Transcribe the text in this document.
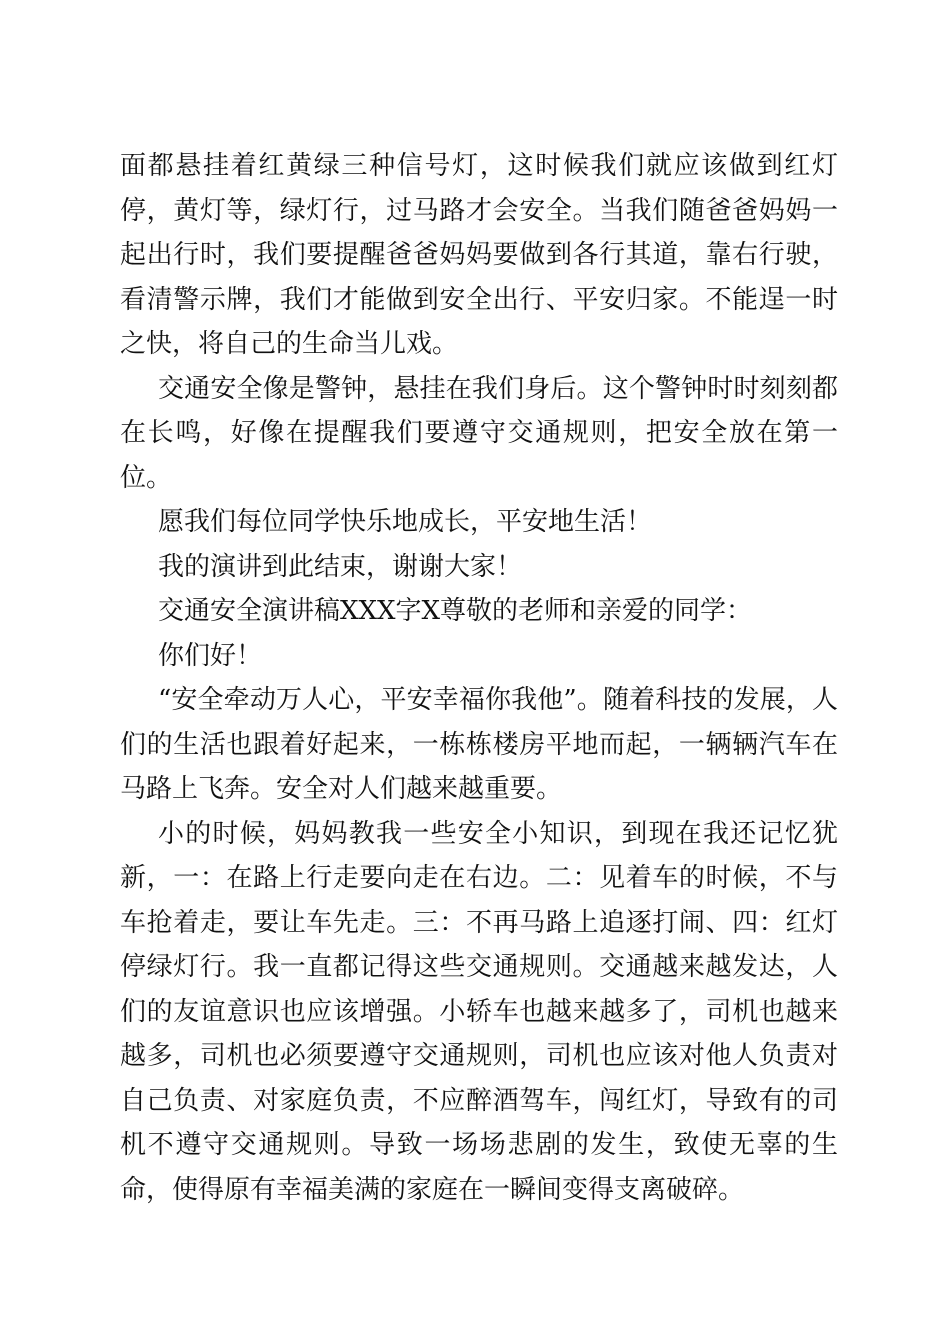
面都悬挂着红黄绿三种信号灯，这时候我们就应该做到红灯停，黄灯等，绿灯行，过马路才会安全。当我们随爸爸妈妈一起出行时，我们要提醒爸爸妈妈要做到各行其道，靠右行驶，看清警示牌，我们才能做到安全出行、平安归家。不能逞一时之快，将自己的生命当儿戏。

交通安全像是警钟，悬挂在我们身后。这个警钟时时刻刻都在长鸣，好像在提醒我们要遵守交通规则，把安全放在第一位。

愿我们每位同学快乐地成长，平安地生活！

我的演讲到此结束，谢谢大家！

交通安全演讲稿XXX字X尊敬的老师和亲爱的同学：

你们好！

“安全牵动万人心，平安幸福你我他”。随着科技的发展，人们的生活也跟着好起来，一栋栋楼房平地而起，一辆辆汽车在马路上飞奔。安全对人们越来越重要。

小的时候，妈妈教我一些安全小知识，到现在我还记忆犹新，一：在路上行走要向走在右边。二：见着车的时候，不与车抢着走，要让车先走。三：不再马路上追逐打闹、四：红灯停绿灯行。我一直都记得这些交通规则。交通越来越发达，人们的友谊意识也应该增强。小轿车也越来越多了，司机也越来越多，司机也必须要遵守交通规则，司机也应该对他人负责对自己负责、对家庭负责，不应醉酒驾车，闯红灯，导致有的司机不遵守交通规则。导致一场场悲剧的发生，致使无辜的生命，使得原有幸福美满的家庭在一瞬间变得支离破碎。
